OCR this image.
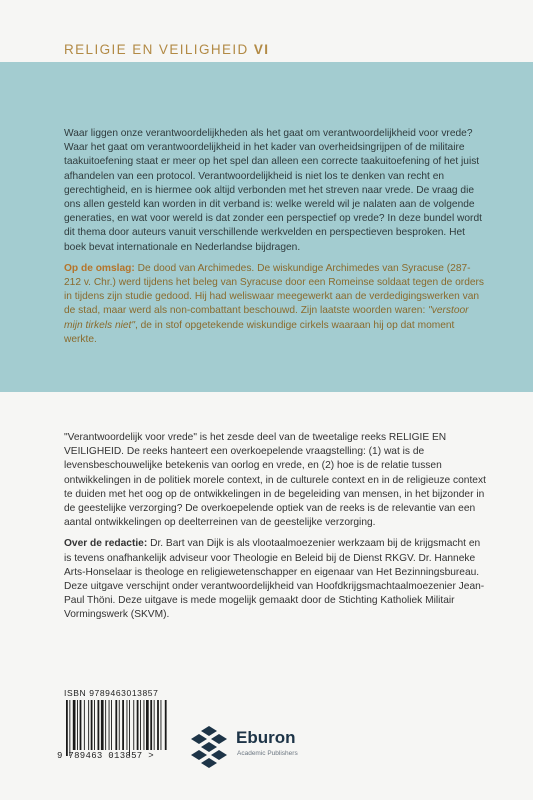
RELIGIE EN VEILIGHEID VI

Waar liggen onze verantwoordelijkheden als het gaat om verantwoordelijkheid voor vrede? Waar het gaat om verantwoordelijkheid in het kader van overheidsingrijpen of de militaire taakuitoefening staat er meer op het spel dan alleen een correcte taakuitoefening of het juist afhandelen van een protocol. Verantwoordelijkheid is niet los te denken van recht en gerechtigheid, en is hiermee ook altijd verbonden met het streven naar vrede. De vraag die ons allen gesteld kan worden in dit verband is: welke wereld wil je nalaten aan de volgende generaties, en wat voor wereld is dat zonder een perspectief op vrede? In deze bundel wordt dit thema door auteurs vanuit verschillende werkvelden en perspectieven besproken. Het boek bevat internationale en Nederlandse bijdragen.

Op de omslag: De dood van Archimedes. De wiskundige Archimedes van Syracuse (287-212 v. Chr.) werd tijdens het beleg van Syracuse door een Romeinse soldaat tegen de orders in tijdens zijn studie gedood. Hij had weliswaar meegewerkt aan de verdedigingswerken van de stad, maar werd als non-combattant beschouwd. Zijn laatste woorden waren: "verstoor mijn tirkels niet", de in stof opgetekende wiskundige cirkels waaraan hij op dat moment werkte.

"Verantwoordelijk voor vrede" is het zesde deel van de tweetalige reeks RELIGIE EN VEILIGHEID. De reeks hanteert een overkoepelende vraagstelling: (1) wat is de levensbeschouwelijke betekenis van oorlog en vrede, en (2) hoe is de relatie tussen ontwikkelingen in de politiek morele context, in de culturele context en in de religieuze context te duiden met het oog op de ontwikkelingen in de begeleiding van mensen, in het bijzonder in de geestelijke verzorging? De overkoepelende optiek van de reeks is de relevantie van een aantal ontwikkelingen op deelterreinen van de geestelijke verzorging.

Over de redactie: Dr. Bart van Dijk is als vlootaalmoezenier werkzaam bij de krijgsmacht en is tevens onafhankelijk adviseur voor Theologie en Beleid bij de Dienst RKGV. Dr. Hanneke Arts-Honselaar is theologe en religiewetenschapper en eigenaar van Het Bezinningsbureau. Deze uitgave verschijnt onder verantwoordelijkheid van Hoofdkrijgsmachtaalmoezenier Jean-Paul Thöni. Deze uitgave is mede mogelijk gemaakt door de Stichting Katholiek Militair Vormingswerk (SKVM).

ISBN 9789463013857
9 789463 013857 >
Eburon
Academic Publishers
